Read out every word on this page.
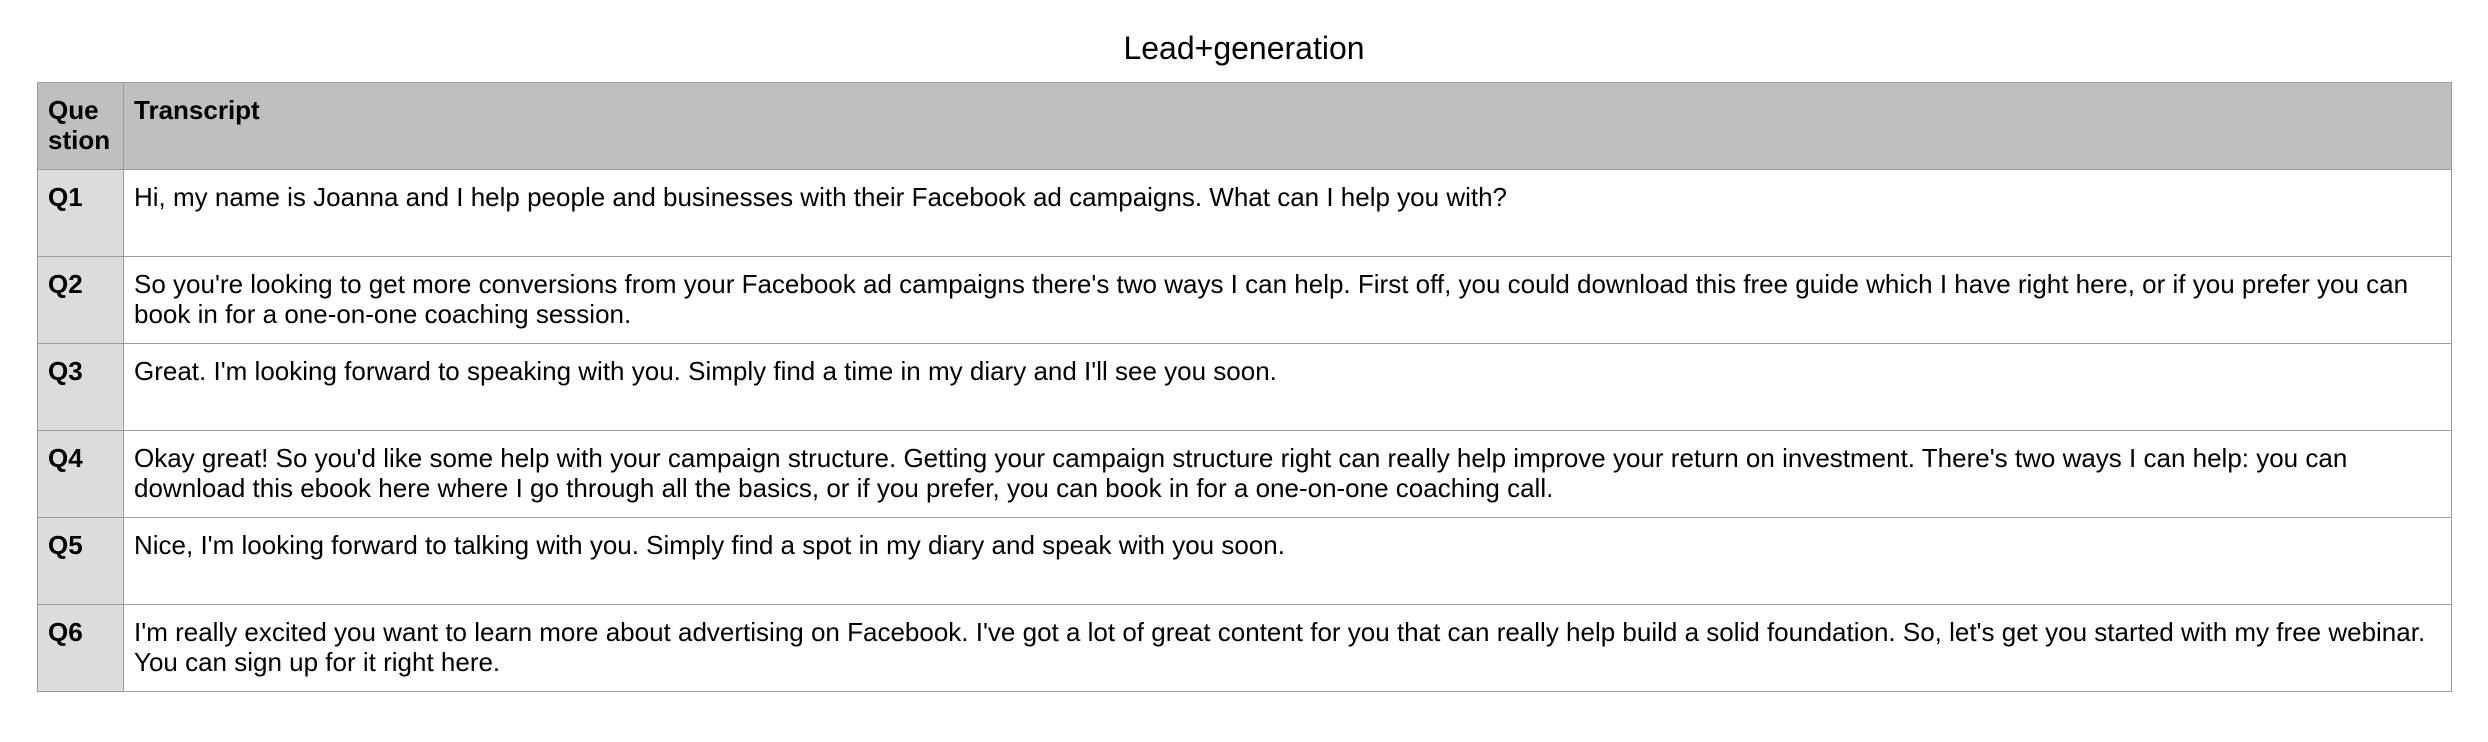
Lead+generation
Question	Transcript
Q1	Hi, my name is Joanna and I help people and businesses with their Facebook ad campaigns. What can I help you with?
Q2	So you're looking to get more conversions from your Facebook ad campaigns there's two ways I can help. First off, you could download this free guide which I have right here, or if you prefer you can book in for a one-on-one coaching session.
Q3	Great. I'm looking forward to speaking with you. Simply find a time in my diary and I'll see you soon.
Q4	Okay great! So you'd like some help with your campaign structure. Getting your campaign structure right can really help improve your return on investment. There's two ways I can help: you can download this ebook here where I go through all the basics, or if you prefer, you can book in for a one-on-one coaching call.
Q5	Nice, I'm looking forward to talking with you. Simply find a spot in my diary and speak with you soon.
Q6	I'm really excited you want to learn more about advertising on Facebook. I've got a lot of great content for you that can really help build a solid foundation. So, let's get you started with my free webinar. You can sign up for it right here.
